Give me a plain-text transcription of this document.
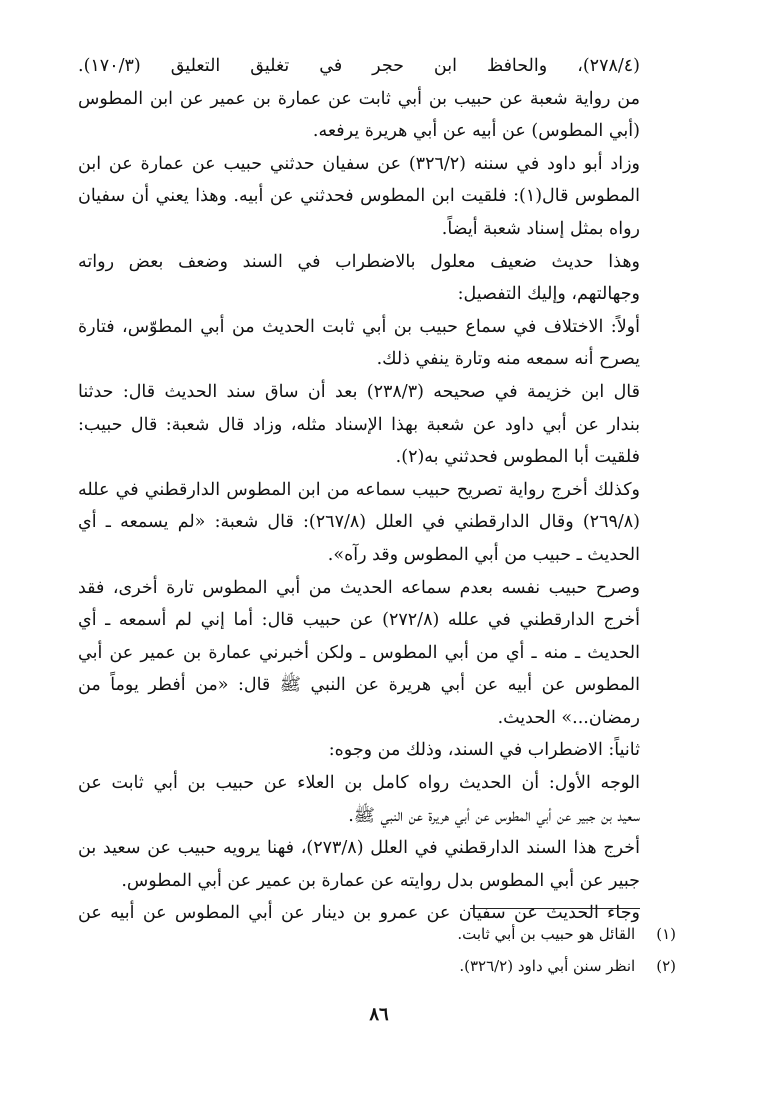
(٢٧٨/٤)، والحافظ ابن حجر في تغليق التعليق (١٧٠/٣).
من رواية شعبة عن حبيب بن أبي ثابت عن عمارة بن عمير عن ابن المطوس
(أبي المطوس) عن أبيه عن أبي هريرة يرفعه.
وزاد أبو داود في سننه (٣٢٦/٢) عن سفيان حدثني حبيب عن عمارة عن ابن
المطوس قال(١): فلقيت ابن المطوس فحدثني عن أبيه. وهذا يعني أن سفيان
رواه بمثل إسناد شعبة أيضاً.
وهذا حديث ضعيف معلول بالاضطراب في السند وضعف بعض رواته
وجهالتهم، وإليك التفصيل:
أولاً: الاختلاف في سماع حبيب بن أبي ثابت الحديث من أبي المطوّس، فتارة
يصرح أنه سمعه منه وتارة ينفي ذلك.
قال ابن خزيمة في صحيحه (٢٣٨/٣) بعد أن ساق سند الحديث قال: حدثنا
بندار عن أبي داود عن شعبة بهذا الإسناد مثله، وزاد قال شعبة: قال حبيب:
فلقيت أبا المطوس فحدثني به(٢).
وكذلك أخرج رواية تصريح حبيب سماعه من ابن المطوس الدارقطني في علله
(٢٦٩/٨) وقال الدارقطني في العلل (٢٦٧/٨): قال شعبة: «لم يسمعه ـ أي
الحديث ـ حبيب من أبي المطوس وقد رآه».
وصرح حبيب نفسه بعدم سماعه الحديث من أبي المطوس تارة أخرى، فقد
أخرج الدارقطني في علله (٢٧٢/٨) عن حبيب قال: أما إني لم أسمعه ـ أي
الحديث ـ منه ـ أي من أبي المطوس ـ ولكن أخبرني عمارة بن عمير عن أبي
المطوس عن أبيه عن أبي هريرة عن النبي ﷺ قال: «من أفطر يوماً من
رمضان...» الحديث.
ثانياً: الاضطراب في السند، وذلك من وجوه:
الوجه الأول: أن الحديث رواه كامل بن العلاء عن حبيب بن أبي ثابت عن
سعيد بن جبير عن أبي المطوس عن أبي هريرة عن النبي ﷺ.
أخرج هذا السند الدارقطني في العلل (٢٧٣/٨)، فهنا يرويه حبيب عن سعيد بن
جبير عن أبي المطوس بدل روايته عن عمارة بن عمير عن أبي المطوس.
وجاء الحديث عن سفيان عن عمرو بن دينار عن أبي المطوس عن أبيه عن
(١) القائل هو حبيب بن أبي ثابت.
(٢) انظر سنن أبي داود (٣٢٦/٢).
٨٦
